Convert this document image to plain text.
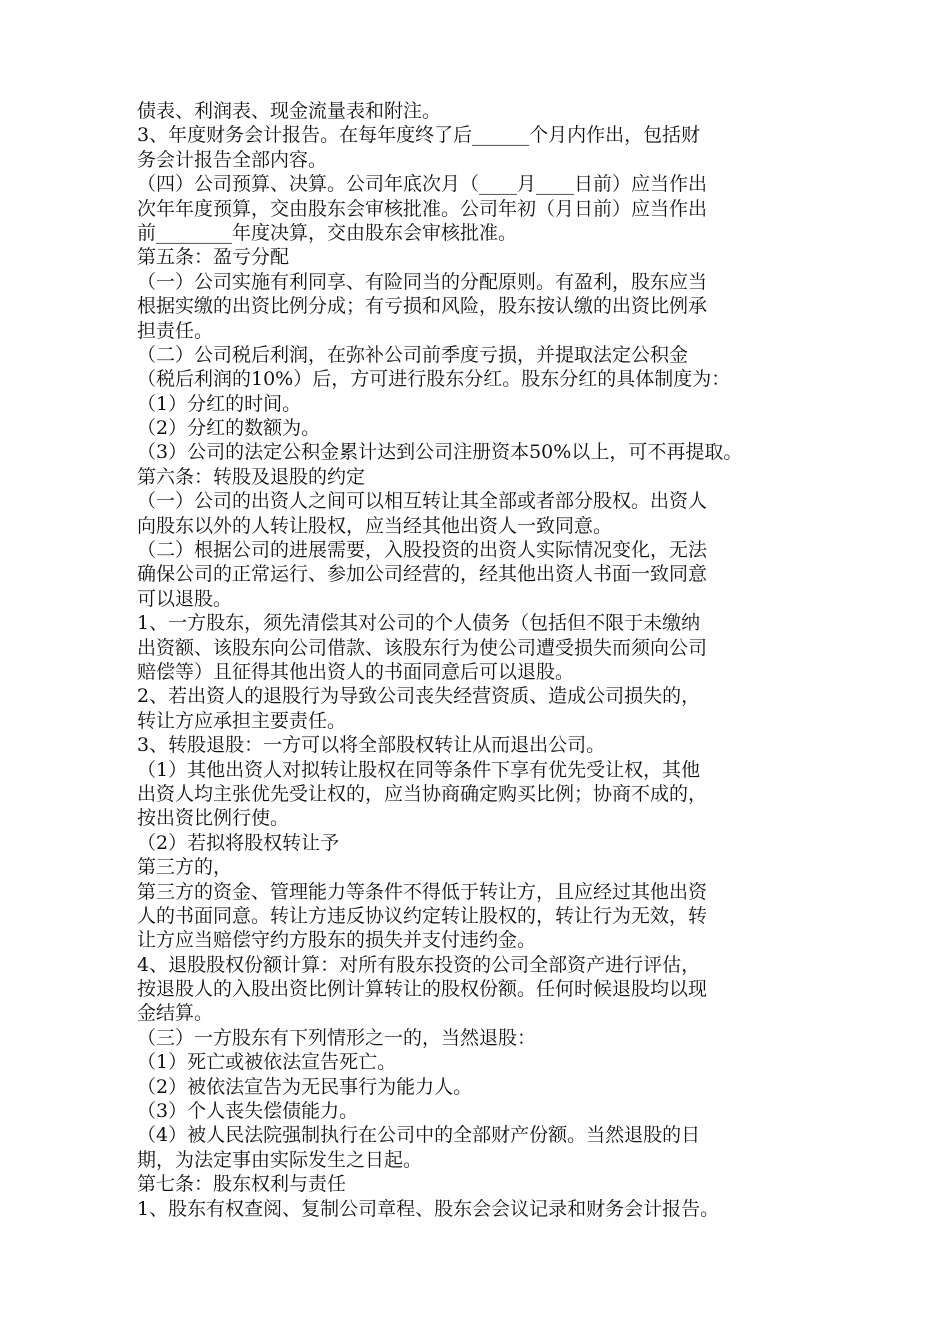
债表、利润表、现金流量表和附注。
3、年度财务会计报告。在每年度终了后______个月内作出，包括财
务会计报告全部内容。
（四）公司预算、决算。公司年底次月（____月____日前）应当作出
次年年度预算，交由股东会审核批准。公司年初（月日前）应当作出
前________年度决算，交由股东会审核批准。
第五条：盈亏分配
（一）公司实施有利同享、有险同当的分配原则。有盈利，股东应当
根据实缴的出资比例分成；有亏损和风险，股东按认缴的出资比例承
担责任。
（二）公司税后利润，在弥补公司前季度亏损，并提取法定公积金
（税后利润的10%）后，方可进行股东分红。股东分红的具体制度为：
（1）分红的时间。
（2）分红的数额为。
（3）公司的法定公积金累计达到公司注册资本50%以上，可不再提取。
第六条：转股及退股的约定
（一）公司的出资人之间可以相互转让其全部或者部分股权。出资人
向股东以外的人转让股权，应当经其他出资人一致同意。
（二）根据公司的进展需要，入股投资的出资人实际情况变化，无法
确保公司的正常运行、参加公司经营的，经其他出资人书面一致同意
可以退股。
1、一方股东，须先清偿其对公司的个人债务（包括但不限于未缴纳
出资额、该股东向公司借款、该股东行为使公司遭受损失而须向公司
赔偿等）且征得其他出资人的书面同意后可以退股。
2、若出资人的退股行为导致公司丧失经营资质、造成公司损失的，
转让方应承担主要责任。
3、转股退股：一方可以将全部股权转让从而退出公司。
（1）其他出资人对拟转让股权在同等条件下享有优先受让权，其他
出资人均主张优先受让权的，应当协商确定购买比例；协商不成的，
按出资比例行使。
（2）若拟将股权转让予
第三方的，
第三方的资金、管理能力等条件不得低于转让方，且应经过其他出资
人的书面同意。转让方违反协议约定转让股权的，转让行为无效，转
让方应当赔偿守约方股东的损失并支付违约金。
4、退股股权份额计算：对所有股东投资的公司全部资产进行评估，
按退股人的入股出资比例计算转让的股权份额。任何时候退股均以现
金结算。
（三）一方股东有下列情形之一的，当然退股：
（1）死亡或被依法宣告死亡。
（2）被依法宣告为无民事行为能力人。
（3）个人丧失偿债能力。
（4）被人民法院强制执行在公司中的全部财产份额。当然退股的日
期，为法定事由实际发生之日起。
第七条：股东权利与责任
1、股东有权查阅、复制公司章程、股东会会议记录和财务会计报告。
